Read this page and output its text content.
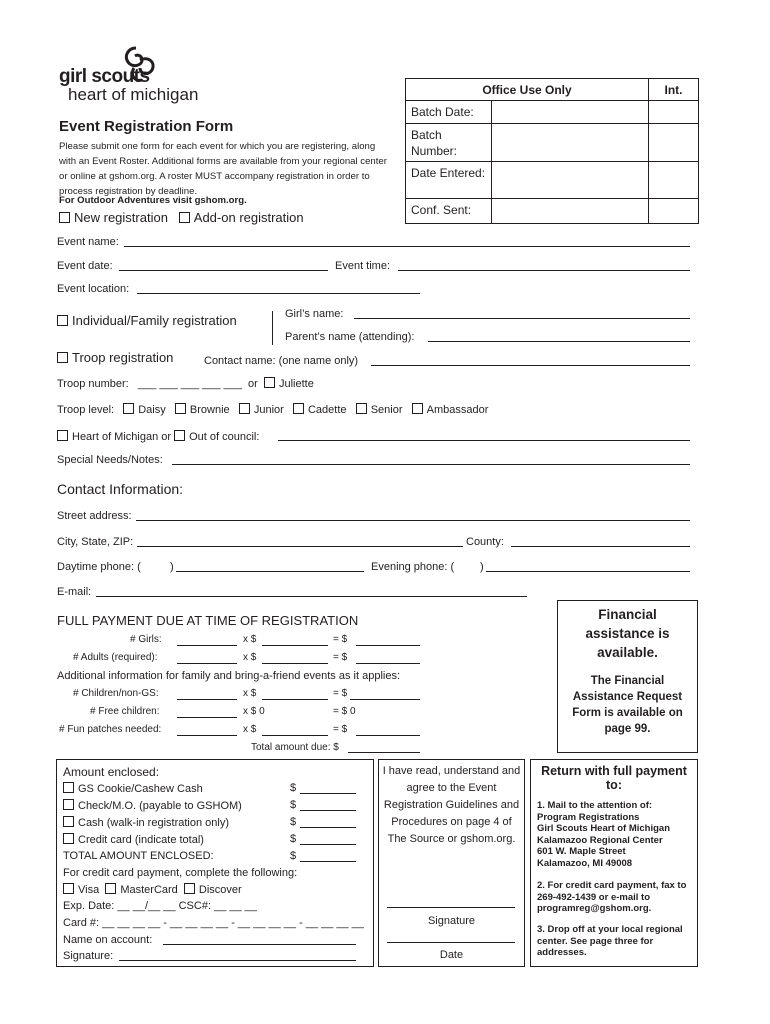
girl scouts
heart of michigan
Event Registration Form
Please submit one form for each event for which you are registering, along with an Event Roster. Additional forms are available from your regional center or online at gshom.org. A roster MUST accompany registration in order to process registration by deadline.
For Outdoor Adventures visit gshom.org.
New registration Add-on registration
Office Use Only	Int.
Batch Date:
Batch Number:
Date Entered:
Conf. Sent:
Event name:
Event date:	Event time:
Event location:
Individual/Family registration	Girl’s name:
Parent’s name (attending):
Troop registration	Contact name: (one name only)
Troop number: ___ ___ ___ ___ ___ or Juliette
Troop level: Daisy Brownie Junior Cadette Senior Ambassador
Heart of Michigan or Out of council:
Special Needs/Notes:
Contact Information:
Street address:
City, State, ZIP:	County:
Daytime phone: (	)	Evening phone: ( )
E-mail:
FULL PAYMENT DUE AT TIME OF REGISTRATION
# Girls:	x $	= $
# Adults (required):	x $	= $
Additional information for family and bring-a-friend events as it applies:
# Children/non-GS:	x $	= $
# Free children:	x $ 0	= $ 0
# Fun patches needed:	x $	= $
Total amount due: $
Financial assistance is available.
The Financial Assistance Request Form is available on page 99.
Amount enclosed:
GS Cookie/Cashew Cash	$
Check/M.O. (payable to GSHOM)	$
Cash (walk-in registration only)	$
Credit card (indicate total)	$
TOTAL AMOUNT ENCLOSED:	$
For credit card payment, complete the following:
Visa MasterCard Discover
Exp. Date: __ __/__ __ CSC#: __ __ __
Card #: __ __ __ __ - __ __ __ __ - __ __ __ __ - __ __ __ __
Name on account:
Signature:
I have read, understand and agree to the Event Registration Guidelines and Procedures on page 4 of The Source or gshom.org.
Signature
Date
Return with full payment to:
1. Mail to the attention of:
Program Registrations
Girl Scouts Heart of Michigan
Kalamazoo Regional Center
601 W. Maple Street
Kalamazoo, MI 49008
2. For credit card payment, fax to 269-492-1439 or e-mail to programreg@gshom.org.
3. Drop off at your local regional center. See page three for addresses.
